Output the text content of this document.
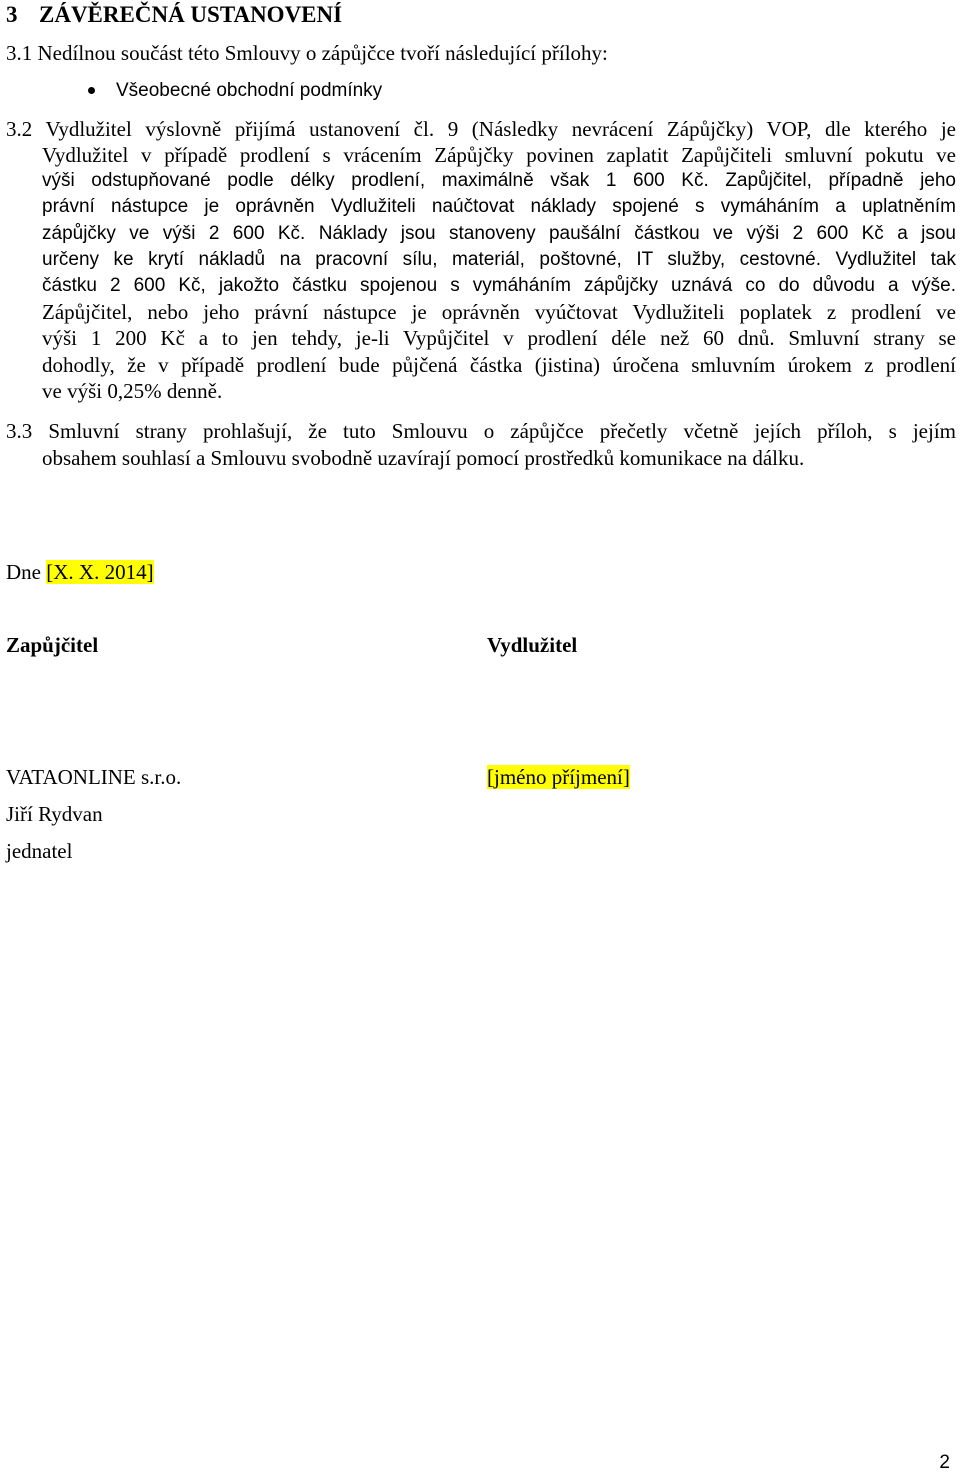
3 ZÁVĚREČNÁ USTANOVENÍ
3.1 Nedílnou součást této Smlouvy o zápůjčce tvoří následující přílohy:
Všeobecné obchodní podmínky
3.2 Vydlužitel výslovně přijímá ustanovení čl. 9 (Následky nevrácení Zápůjčky) VOP, dle kterého je
Vydlužitel v případě prodlení s vrácením Zápůjčky povinen zaplatit Zapůjčiteli smluvní pokutu ve
výši odstupňované podle délky prodlení, maximálně však 1 600 Kč. Zapůjčitel, případně jeho
právní nástupce je oprávněn Vydlužiteli naúčtovat náklady spojené s vymáháním a uplatněním
zápůjčky ve výši 2 600 Kč. Náklady jsou stanoveny paušální částkou ve výši 2 600 Kč a jsou
určeny ke krytí nákladů na pracovní sílu, materiál, poštovné, IT služby, cestovné. Vydlužitel tak
částku 2 600 Kč, jakožto částku spojenou s vymáháním zápůjčky uznává co do důvodu a výše.
Zápůjčitel, nebo jeho právní nástupce je oprávněn vyúčtovat Vydlužiteli poplatek z prodlení ve
výši 1 200 Kč a to jen tehdy, je-li Vypůjčitel v prodlení déle než 60 dnů. Smluvní strany se
dohodly, že v případě prodlení bude půjčená částka (jistina) úročena smluvním úrokem z prodlení
ve výši 0,25% denně.
3.3 Smluvní strany prohlašují, že tuto Smlouvu o zápůjčce přečetly včetně jejích příloh, s jejím
obsahem souhlasí a Smlouvu svobodně uzavírají pomocí prostředků komunikace na dálku.
Dne [X. X. 2014]
Zapůjčitel	Vydlužitel
VATAONLINE s.r.o.	[jméno příjmení]
Jiří Rydvan
jednatel
2
